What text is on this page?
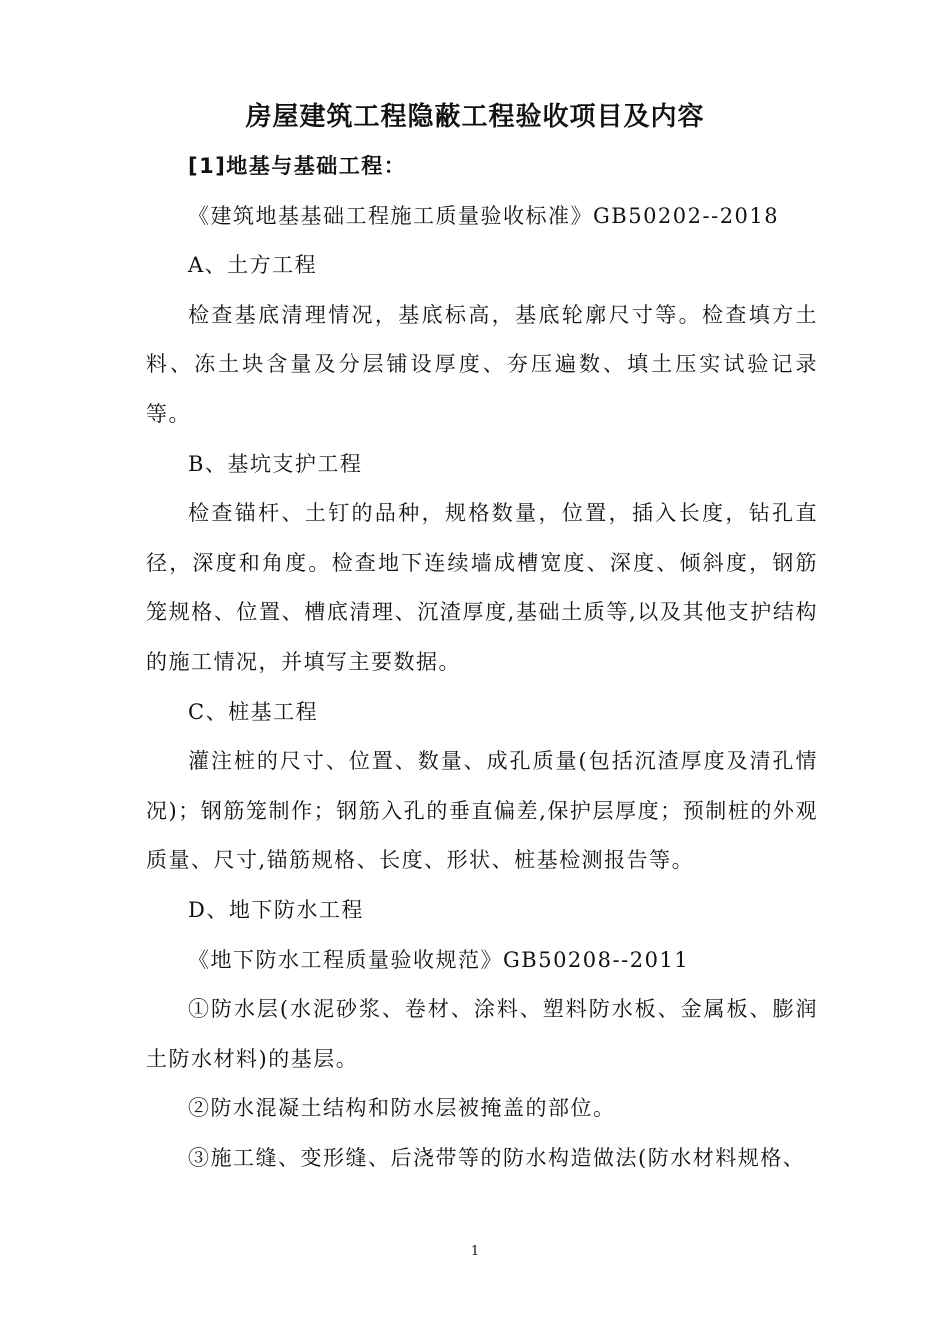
房屋建筑工程隐蔽工程验收项目及内容

[1]地基与基础工程：

《建筑地基基础工程施工质量验收标准》GB50202--2018

A、土方工程

检查基底清理情况，基底标高，基底轮廓尺寸等。检查填方土料、冻土块含量及分层铺设厚度、夯压遍数、填土压实试验记录等。

B、基坑支护工程

检查锚杆、土钉的品种，规格数量，位置，插入长度，钻孔直径，深度和角度。检查地下连续墙成槽宽度、深度、倾斜度，钢筋笼规格、位置、槽底清理、沉渣厚度,基础土质等,以及其他支护结构的施工情况，并填写主要数据。

C、桩基工程

灌注桩的尺寸、位置、数量、成孔质量(包括沉渣厚度及清孔情况)；钢筋笼制作；钢筋入孔的垂直偏差,保护层厚度；预制桩的外观质量、尺寸,锚筋规格、长度、形状、桩基检测报告等。

D、地下防水工程

《地下防水工程质量验收规范》GB50208--2011

①防水层(水泥砂浆、卷材、涂料、塑料防水板、金属板、膨润土防水材料)的基层。

②防水混凝土结构和防水层被掩盖的部位。

③施工缝、变形缝、后浇带等的防水构造做法(防水材料规格、

1
